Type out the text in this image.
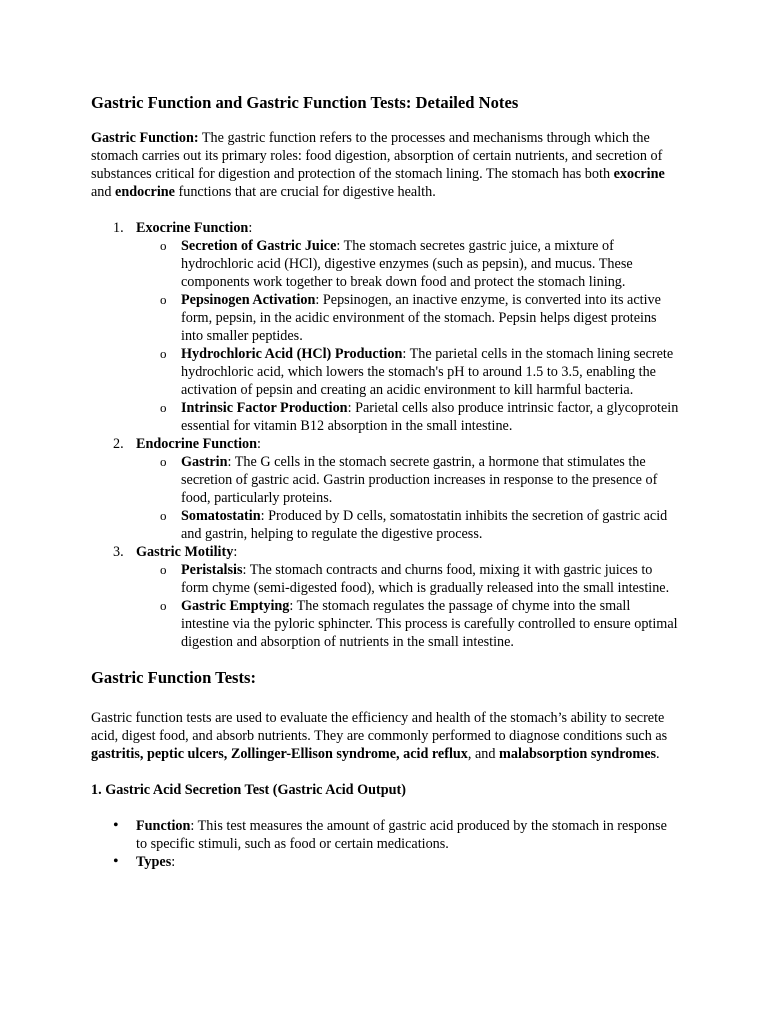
Gastric Function and Gastric Function Tests: Detailed Notes

Gastric Function: The gastric function refers to the processes and mechanisms through which the stomach carries out its primary roles: food digestion, absorption of certain nutrients, and secretion of substances critical for digestion and protection of the stomach lining. The stomach has both exocrine and endocrine functions that are crucial for digestive health.

1. Exocrine Function:
o Secretion of Gastric Juice: The stomach secretes gastric juice, a mixture of hydrochloric acid (HCl), digestive enzymes (such as pepsin), and mucus. These components work together to break down food and protect the stomach lining.
o Pepsinogen Activation: Pepsinogen, an inactive enzyme, is converted into its active form, pepsin, in the acidic environment of the stomach. Pepsin helps digest proteins into smaller peptides.
o Hydrochloric Acid (HCl) Production: The parietal cells in the stomach lining secrete hydrochloric acid, which lowers the stomach's pH to around 1.5 to 3.5, enabling the activation of pepsin and creating an acidic environment to kill harmful bacteria.
o Intrinsic Factor Production: Parietal cells also produce intrinsic factor, a glycoprotein essential for vitamin B12 absorption in the small intestine.
2. Endocrine Function:
o Gastrin: The G cells in the stomach secrete gastrin, a hormone that stimulates the secretion of gastric acid. Gastrin production increases in response to the presence of food, particularly proteins.
o Somatostatin: Produced by D cells, somatostatin inhibits the secretion of gastric acid and gastrin, helping to regulate the digestive process.
3. Gastric Motility:
o Peristalsis: The stomach contracts and churns food, mixing it with gastric juices to form chyme (semi-digested food), which is gradually released into the small intestine.
o Gastric Emptying: The stomach regulates the passage of chyme into the small intestine via the pyloric sphincter. This process is carefully controlled to ensure optimal digestion and absorption of nutrients in the small intestine.
Gastric Function Tests:

Gastric function tests are used to evaluate the efficiency and health of the stomach’s ability to secrete acid, digest food, and absorb nutrients. They are commonly performed to diagnose conditions such as gastritis, peptic ulcers, Zollinger-Ellison syndrome, acid reflux, and malabsorption syndromes.

1. Gastric Acid Secretion Test (Gastric Acid Output)

• Function: This test measures the amount of gastric acid produced by the stomach in response to specific stimuli, such as food or certain medications.
• Types:
